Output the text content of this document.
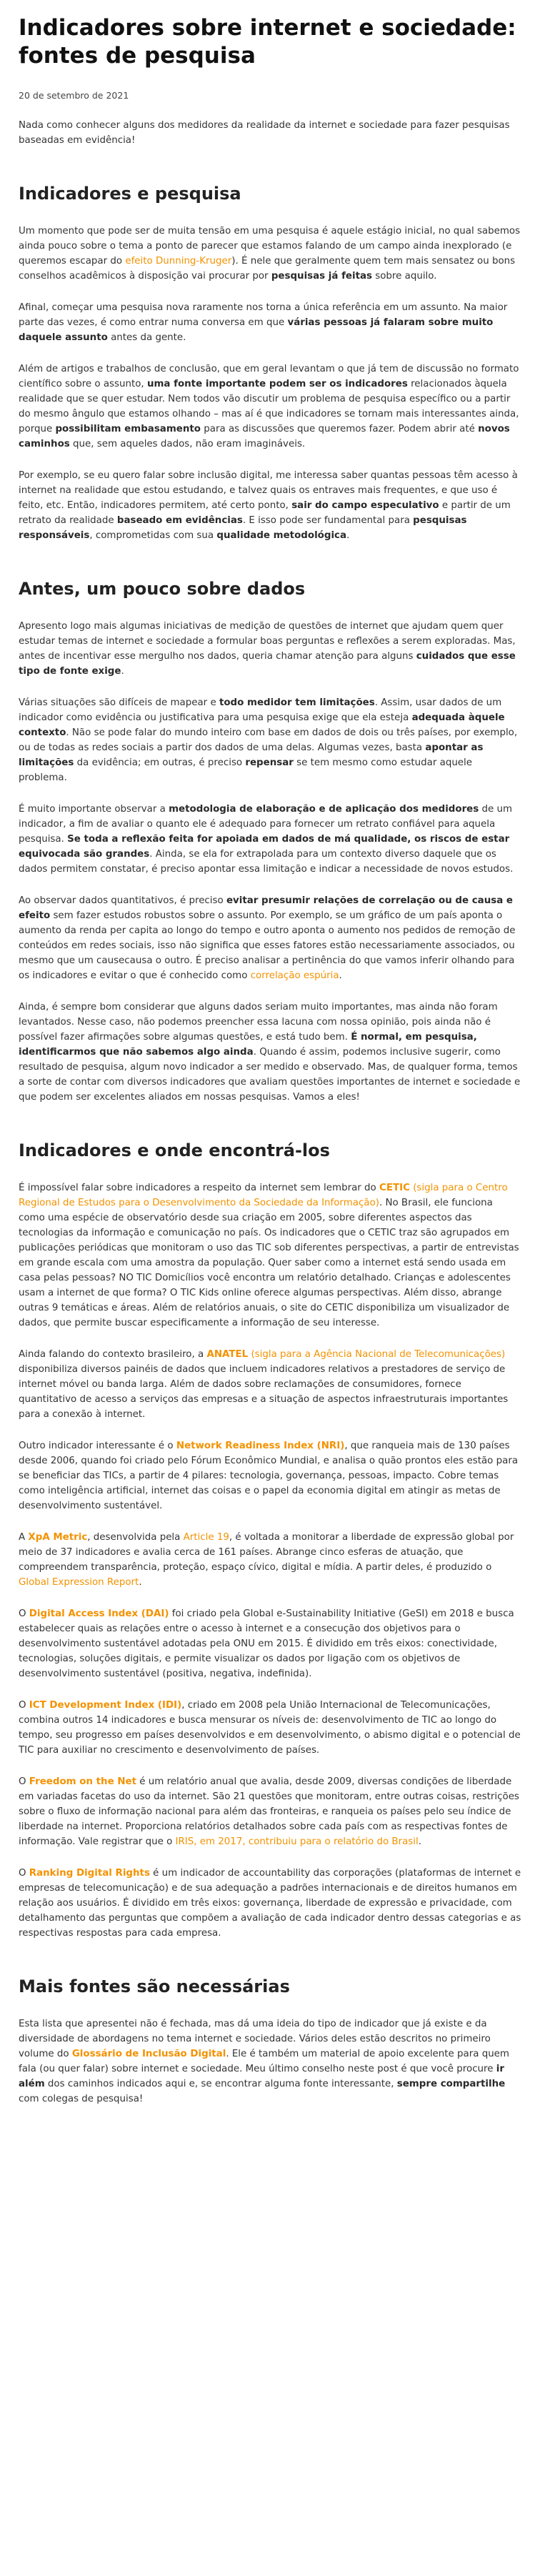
Indicadores sobre internet e sociedade: fontes de pesquisa
20 de setembro de 2021

Nada como conhecer alguns dos medidores da realidade da internet e sociedade para fazer pesquisas baseadas em evidência!

Indicadores e pesquisa

Um momento que pode ser de muita tensão em uma pesquisa é aquele estágio inicial, no qual sabemos ainda pouco sobre o tema a ponto de parecer que estamos falando de um campo ainda inexplorado (e queremos escapar do efeito Dunning-Kruger). É nele que geralmente quem tem mais sensatez ou bons conselhos acadêmicos à disposição vai procurar por pesquisas já feitas sobre aquilo.

Afinal, começar uma pesquisa nova raramente nos torna a única referência em um assunto. Na maior parte das vezes, é como entrar numa conversa em que várias pessoas já falaram sobre muito daquele assunto antes da gente.

Além de artigos e trabalhos de conclusão, que em geral levantam o que já tem de discussão no formato científico sobre o assunto, uma fonte importante podem ser os indicadores relacionados àquela realidade que se quer estudar. Nem todos vão discutir um problema de pesquisa específico ou a partir do mesmo ângulo que estamos olhando – mas aí é que indicadores se tornam mais interessantes ainda, porque possibilitam embasamento para as discussões que queremos fazer. Podem abrir até novos caminhos que, sem aqueles dados, não eram imagináveis.

Por exemplo, se eu quero falar sobre inclusão digital, me interessa saber quantas pessoas têm acesso à internet na realidade que estou estudando, e talvez quais os entraves mais frequentes, e que uso é feito, etc. Então, indicadores permitem, até certo ponto, sair do campo especulativo e partir de um retrato da realidade baseado em evidências. E isso pode ser fundamental para pesquisas responsáveis, comprometidas com sua qualidade metodológica.

Antes, um pouco sobre dados

Apresento logo mais algumas iniciativas de medição de questões de internet que ajudam quem quer estudar temas de internet e sociedade a formular boas perguntas e reflexões a serem exploradas. Mas, antes de incentivar esse mergulho nos dados, queria chamar atenção para alguns cuidados que esse tipo de fonte exige.

Várias situações são difíceis de mapear e todo medidor tem limitações. Assim, usar dados de um indicador como evidência ou justificativa para uma pesquisa exige que ela esteja adequada àquele contexto. Não se pode falar do mundo inteiro com base em dados de dois ou três países, por exemplo, ou de todas as redes sociais a partir dos dados de uma delas. Algumas vezes, basta apontar as limitações da evidência; em outras, é preciso repensar se tem mesmo como estudar aquele problema.

É muito importante observar a metodologia de elaboração e de aplicação dos medidores de um indicador, a fim de avaliar o quanto ele é adequado para fornecer um retrato confiável para aquela pesquisa. Se toda a reflexão feita for apoiada em dados de má qualidade, os riscos de estar equivocada são grandes. Ainda, se ela for extrapolada para um contexto diverso daquele que os dados permitem constatar, é preciso apontar essa limitação e indicar a necessidade de novos estudos.

Ao observar dados quantitativos, é preciso evitar presumir relações de correlação ou de causa e efeito sem fazer estudos robustos sobre o assunto. Por exemplo, se um gráfico de um país aponta o aumento da renda per capita ao longo do tempo e outro aponta o aumento nos pedidos de remoção de conteúdos em redes sociais, isso não significa que esses fatores estão necessariamente associados, ou mesmo que um causecausa o outro. É preciso analisar a pertinência do que vamos inferir olhando para os indicadores e evitar o que é conhecido como correlação espúria.

Ainda, é sempre bom considerar que alguns dados seriam muito importantes, mas ainda não foram levantados. Nesse caso, não podemos preencher essa lacuna com nossa opinião, pois ainda não é possível fazer afirmações sobre algumas questões, e está tudo bem. É normal, em pesquisa, identificarmos que não sabemos algo ainda. Quando é assim, podemos inclusive sugerir, como resultado de pesquisa, algum novo indicador a ser medido e observado. Mas, de qualquer forma, temos a sorte de contar com diversos indicadores que avaliam questões importantes de internet e sociedade e que podem ser excelentes aliados em nossas pesquisas. Vamos a eles!

Indicadores e onde encontrá-los

É impossível falar sobre indicadores a respeito da internet sem lembrar do CETIC (sigla para o Centro Regional de Estudos para o Desenvolvimento da Sociedade da Informação). No Brasil, ele funciona como uma espécie de observatório desde sua criação em 2005, sobre diferentes aspectos das tecnologias da informação e comunicação no país. Os indicadores que o CETIC traz são agrupados em publicações periódicas que monitoram o uso das TIC sob diferentes perspectivas, a partir de entrevistas em grande escala com uma amostra da população. Quer saber como a internet está sendo usada em casa pelas pessoas? NO TIC Domicílios você encontra um relatório detalhado. Crianças e adolescentes usam a internet de que forma? O TIC Kids online oferece algumas perspectivas. Além disso, abrange outras 9 temáticas e áreas. Além de relatórios anuais, o site do CETIC disponibiliza um visualizador de dados, que permite buscar especificamente a informação de seu interesse.

Ainda falando do contexto brasileiro, a ANATEL (sigla para a Agência Nacional de Telecomunicações) disponibiliza diversos painéis de dados que incluem indicadores relativos a prestadores de serviço de internet móvel ou banda larga. Além de dados sobre reclamações de consumidores, fornece quantitativo de acesso a serviços das empresas e a situação de aspectos infraestruturais importantes para a conexão à internet.

Outro indicador interessante é o Network Readiness Index (NRI), que ranqueia mais de 130 países desde 2006, quando foi criado pelo Fórum Econômico Mundial, e analisa o quão prontos eles estão para se beneficiar das TICs, a partir de 4 pilares: tecnologia, governança, pessoas, impacto. Cobre temas como inteligência artificial, internet das coisas e o papel da economia digital em atingir as metas de desenvolvimento sustentável.

A XpA Metric, desenvolvida pela Article 19, é voltada a monitorar a liberdade de expressão global por meio de 37 indicadores e avalia cerca de 161 países. Abrange cinco esferas de atuação, que compreendem transparência, proteção, espaço cívico, digital e mídia. A partir deles, é produzido o Global Expression Report.

O Digital Access Index (DAI) foi criado pela Global e-Sustainability Initiative (GeSI) em 2018 e busca estabelecer quais as relações entre o acesso à internet e a consecução dos objetivos para o desenvolvimento sustentável adotadas pela ONU em 2015. É dividido em três eixos: conectividade, tecnologias, soluções digitais, e permite visualizar os dados por ligação com os objetivos de desenvolvimento sustentável (positiva, negativa, indefinida).

O ICT Development Index (IDI), criado em 2008 pela União Internacional de Telecomunicações, combina outros 14 indicadores e busca mensurar os níveis de: desenvolvimento de TIC ao longo do tempo, seu progresso em países desenvolvidos e em desenvolvimento, o abismo digital e o potencial de TIC para auxiliar no crescimento e desenvolvimento de países.

O Freedom on the Net é um relatório anual que avalia, desde 2009, diversas condições de liberdade em variadas facetas do uso da internet. São 21 questões que monitoram, entre outras coisas, restrições sobre o fluxo de informação nacional para além das fronteiras, e ranqueia os países pelo seu índice de liberdade na internet. Proporciona relatórios detalhados sobre cada país com as respectivas fontes de informação. Vale registrar que o IRIS, em 2017, contribuiu para o relatório do Brasil.

O Ranking Digital Rights é um indicador de accountability das corporações (plataformas de internet e empresas de telecomunicação) e de sua adequação a padrões internacionais e de direitos humanos em relação aos usuários. É dividido em três eixos: governança, liberdade de expressão e privacidade, com detalhamento das perguntas que compõem a avaliação de cada indicador dentro dessas categorias e as respectivas respostas para cada empresa.

Mais fontes são necessárias

Esta lista que apresentei não é fechada, mas dá uma ideia do tipo de indicador que já existe e da diversidade de abordagens no tema internet e sociedade. Vários deles estão descritos no primeiro volume do Glossário de Inclusão Digital. Ele é também um material de apoio excelente para quem fala (ou quer falar) sobre internet e sociedade. Meu último conselho neste post é que você procure ir além dos caminhos indicados aqui e, se encontrar alguma fonte interessante, sempre compartilhe com colegas de pesquisa!
